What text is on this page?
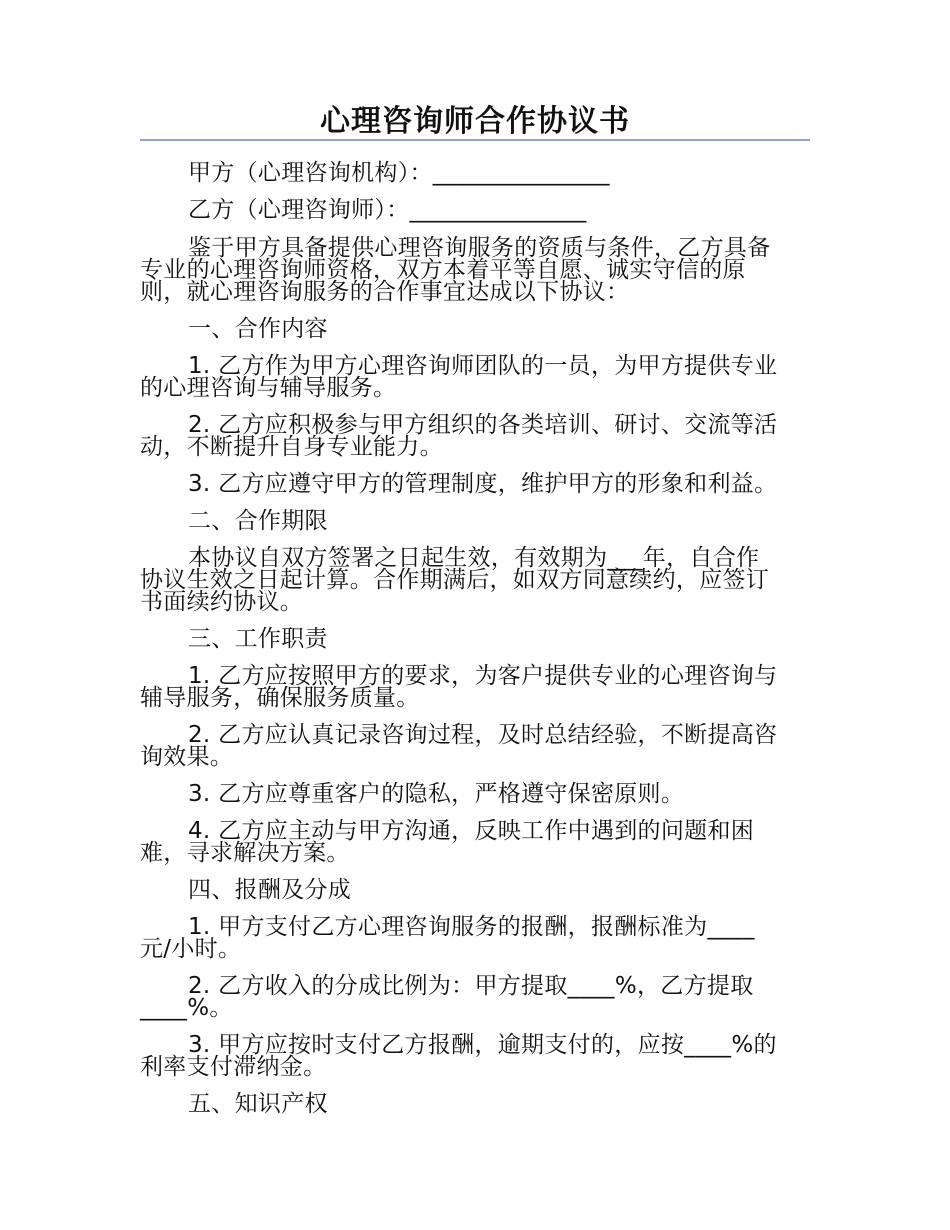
心理咨询师合作协议书
甲方（心理咨询机构）：_______________
乙方（心理咨询师）：_______________
鉴于甲方具备提供心理咨询服务的资质与条件，乙方具备
专业的心理咨询师资格，双方本着平等自愿、诚实守信的原
则，就心理咨询服务的合作事宜达成以下协议：
一、合作内容
1. 乙方作为甲方心理咨询师团队的一员，为甲方提供专业
的心理咨询与辅导服务。
2. 乙方应积极参与甲方组织的各类培训、研讨、交流等活
动，不断提升自身专业能力。
3. 乙方应遵守甲方的管理制度，维护甲方的形象和利益。
二、合作期限
本协议自双方签署之日起生效，有效期为___年，自合作
协议生效之日起计算。合作期满后，如双方同意续约，应签订
书面续约协议。
三、工作职责
1. 乙方应按照甲方的要求，为客户提供专业的心理咨询与
辅导服务，确保服务质量。
2. 乙方应认真记录咨询过程，及时总结经验，不断提高咨
询效果。
3. 乙方应尊重客户的隐私，严格遵守保密原则。
4. 乙方应主动与甲方沟通，反映工作中遇到的问题和困
难，寻求解决方案。
四、报酬及分成
1. 甲方支付乙方心理咨询服务的报酬，报酬标准为____
元/小时。
2. 乙方收入的分成比例为：甲方提取____%，乙方提取
____%。
3. 甲方应按时支付乙方报酬，逾期支付的，应按____%的
利率支付滞纳金。
五、知识产权
